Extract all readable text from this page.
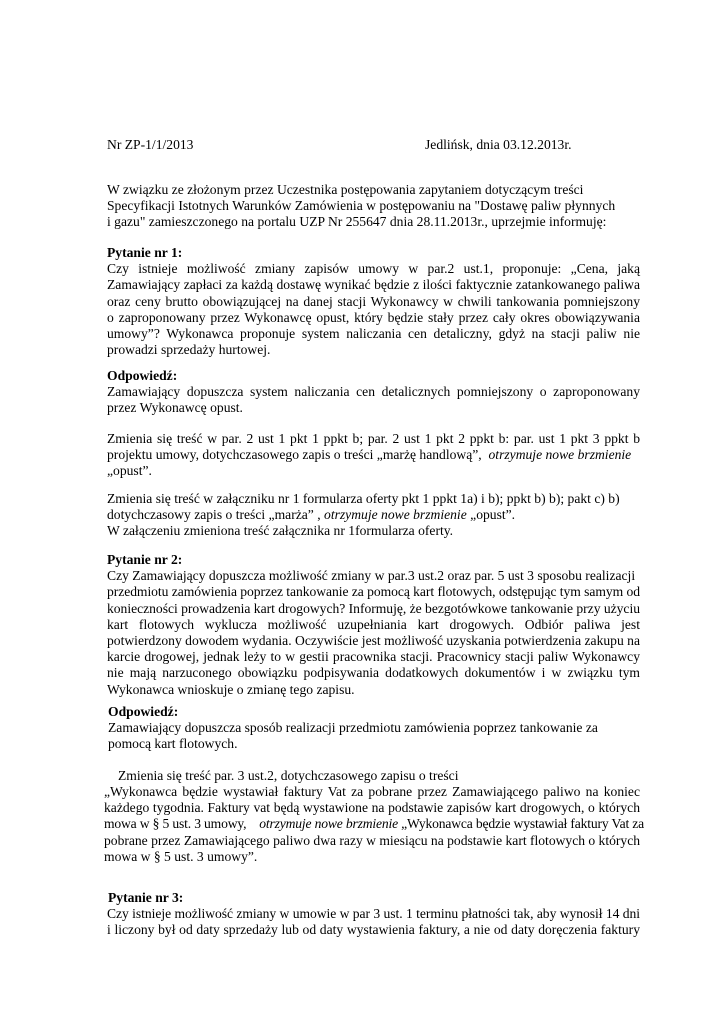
Nr ZP-1/1/2013	Jedlińsk, dnia 03.12.2013r.
W związku ze złożonym przez Uczestnika postępowania zapytaniem dotyczącym treści
Specyfikacji Istotnych Warunków Zamówienia w postępowaniu na "Dostawę paliw płynnych
i gazu" zamieszczonego na portalu UZP Nr 255647 dnia 28.11.2013r., uprzejmie informuję:
Pytanie nr 1:
Czy istnieje możliwość zmiany zapisów umowy w par.2 ust.1, proponuje: „Cena, jaką
Zamawiający zapłaci za każdą dostawę wynikać będzie z ilości faktycznie zatankowanego paliwa
oraz ceny brutto obowiązującej na danej stacji Wykonawcy w chwili tankowania pomniejszony
o zaproponowany przez Wykonawcę opust, który będzie stały przez cały okres obowiązywania
umowy”? Wykonawca proponuje system naliczania cen detaliczny, gdyż na stacji paliw nie
prowadzi sprzedaży hurtowej.
Odpowiedź:
Zamawiający dopuszcza system naliczania cen detalicznych pomniejszony o zaproponowany
przez Wykonawcę opust.
Zmienia się treść w par. 2 ust 1 pkt 1 ppkt b; par. 2 ust 1 pkt 2 ppkt b: par. ust 1 pkt 3 ppkt b
projektu umowy, dotychczasowego zapis o treści „marżę handlową”, otrzymuje nowe brzmienie
„opust”.
Zmienia się treść w załączniku nr 1 formularza oferty pkt 1 ppkt 1a) i b); ppkt b) b); pakt c) b)
dotychczasowy zapis o treści „marża” , otrzymuje nowe brzmienie „opust”.
W załączeniu zmieniona treść załącznika nr 1formularza oferty.
Pytanie nr 2:
Czy Zamawiający dopuszcza możliwość zmiany w par.3 ust.2 oraz par. 5 ust 3 sposobu realizacji
przedmiotu zamówienia poprzez tankowanie za pomocą kart flotowych, odstępując tym samym od
konieczności prowadzenia kart drogowych? Informuję, że bezgotówkowe tankowanie przy użyciu
kart flotowych wyklucza możliwość uzupełniania kart drogowych. Odbiór paliwa jest
potwierdzony dowodem wydania. Oczywiście jest możliwość uzyskania potwierdzenia zakupu na
karcie drogowej, jednak leży to w gestii pracownika stacji. Pracownicy stacji paliw Wykonawcy
nie mają narzuconego obowiązku podpisywania dodatkowych dokumentów i w związku tym
Wykonawca wnioskuje o zmianę tego zapisu.
Odpowiedź:
Zamawiający dopuszcza sposób realizacji przedmiotu zamówienia poprzez tankowanie za
pomocą kart flotowych.
Zmienia się treść par. 3 ust.2, dotychczasowego zapisu o treści
„Wykonawca będzie wystawiał faktury Vat za pobrane przez Zamawiającego paliwo na koniec
każdego tygodnia. Faktury vat będą wystawione na podstawie zapisów kart drogowych, o których
mowa w § 5 ust. 3 umowy, otrzymuje nowe brzmienie „Wykonawca będzie wystawiał faktury Vat za
pobrane przez Zamawiającego paliwo dwa razy w miesiącu na podstawie kart flotowych o których
mowa w § 5 ust. 3 umowy”.
Pytanie nr 3:
Czy istnieje możliwość zmiany w umowie w par 3 ust. 1 terminu płatności tak, aby wynosił 14 dni
i liczony był od daty sprzedaży lub od daty wystawienia faktury, a nie od daty doręczenia faktury
